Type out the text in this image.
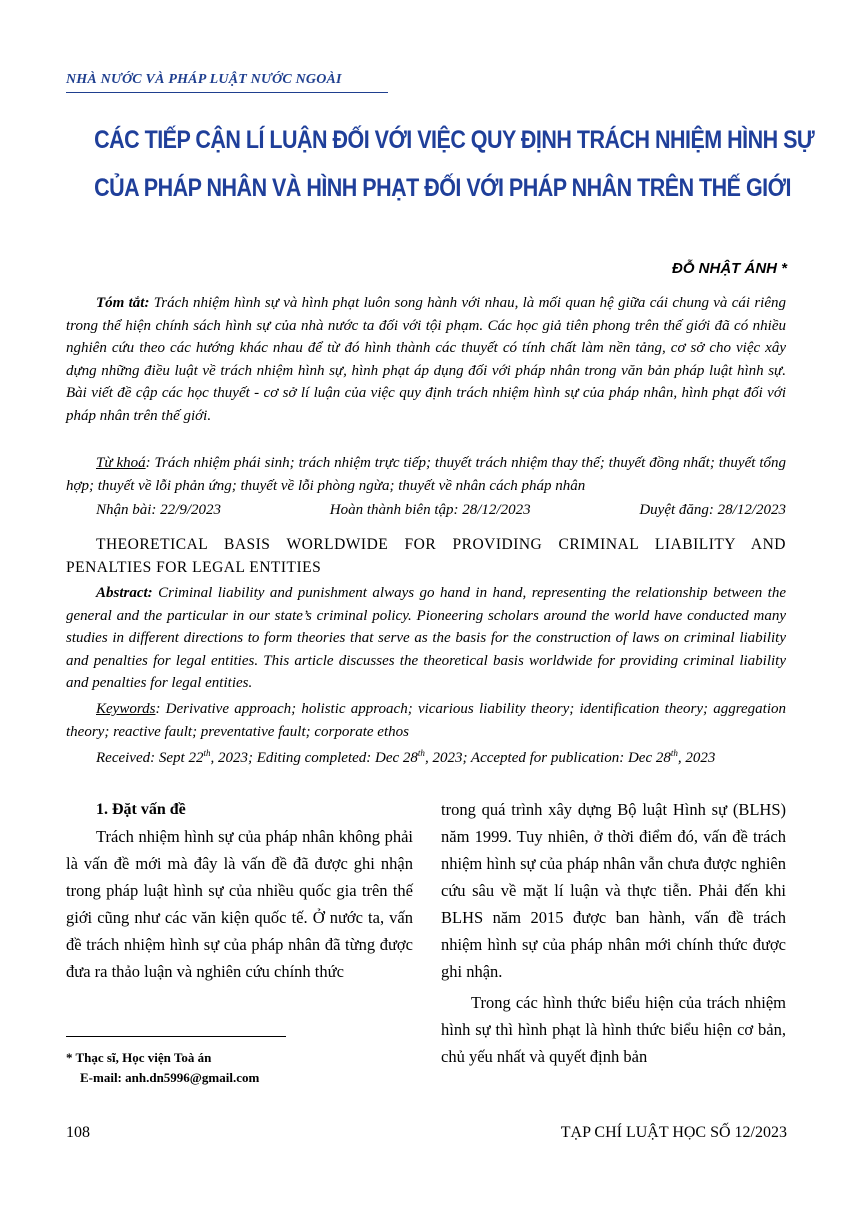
NHÀ NƯỚC VÀ PHÁP LUẬT NƯỚC NGOÀI
CÁC TIẾP CẬN LÍ LUẬN ĐỐI VỚI VIỆC QUY ĐỊNH TRÁCH NHIỆM HÌNH SỰ
CỦA PHÁP NHÂN VÀ HÌNH PHẠT ĐỐI VỚI PHÁP NHÂN TRÊN THẾ GIỚI
ĐỖ NHẬT ÁNH *
Tóm tắt: Trách nhiệm hình sự và hình phạt luôn song hành với nhau, là mối quan hệ giữa cái chung và cái riêng trong thể hiện chính sách hình sự của nhà nước ta đối với tội phạm. Các học giả tiên phong trên thế giới đã có nhiều nghiên cứu theo các hướng khác nhau để từ đó hình thành các thuyết có tính chất làm nền tảng, cơ sở cho việc xây dựng những điều luật về trách nhiệm hình sự, hình phạt áp dụng đối với pháp nhân trong văn bản pháp luật hình sự. Bài viết đề cập các học thuyết - cơ sở lí luận của việc quy định trách nhiệm hình sự của pháp nhân, hình phạt đối với pháp nhân trên thế giới.
Từ khoá: Trách nhiệm phái sinh; trách nhiệm trực tiếp; thuyết trách nhiệm thay thế; thuyết đồng nhất; thuyết tổng hợp; thuyết về lỗi phản ứng; thuyết về lỗi phòng ngừa; thuyết về nhân cách pháp nhân
Nhận bài: 22/9/2023	Hoàn thành biên tập: 28/12/2023	Duyệt đăng: 28/12/2023
THEORETICAL BASIS WORLDWIDE FOR PROVIDING CRIMINAL LIABILITY AND PENALTIES FOR LEGAL ENTITIES
Abstract: Criminal liability and punishment always go hand in hand, representing the relationship between the general and the particular in our state’s criminal policy. Pioneering scholars around the world have conducted many studies in different directions to form theories that serve as the basis for the construction of laws on criminal liability and penalties for legal entities. This article discusses the theoretical basis worldwide for providing criminal liability and penalties for legal entities.
Keywords: Derivative approach; holistic approach; vicarious liability theory; identification theory; aggregation theory; reactive fault; preventative fault; corporate ethos
Received: Sept 22th, 2023; Editing completed: Dec 28th, 2023; Accepted for publication: Dec 28th, 2023

1. Đặt vấn đề

Trách nhiệm hình sự của pháp nhân không phải là vấn đề mới mà đây là vấn đề đã được ghi nhận trong pháp luật hình sự của nhiều quốc gia trên thế giới cũng như các văn kiện quốc tế. Ở nước ta, vấn đề trách nhiệm hình sự của pháp nhân đã từng được đưa ra thảo luận và nghiên cứu chính thức

trong quá trình xây dựng Bộ luật Hình sự (BLHS) năm 1999. Tuy nhiên, ở thời điểm đó, vấn đề trách nhiệm hình sự của pháp nhân vẫn chưa được nghiên cứu sâu về mặt lí luận và thực tiễn. Phải đến khi BLHS năm 2015 được ban hành, vấn đề trách nhiệm hình sự của pháp nhân mới chính thức được ghi nhận.

Trong các hình thức biểu hiện của trách nhiệm hình sự thì hình phạt là hình thức biểu hiện cơ bản, chủ yếu nhất và quyết định bản

* Thạc sĩ, Học viện Toà án
E-mail: anh.dn5996@gmail.com
108	TẠP CHÍ LUẬT HỌC SỐ 12/2023
